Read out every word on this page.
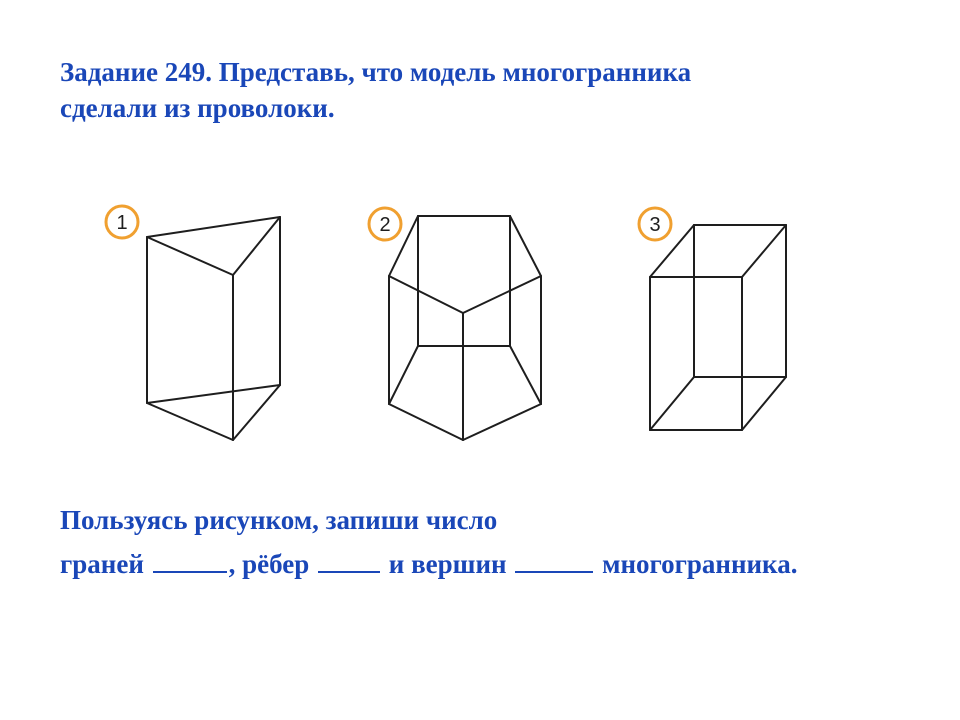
Задание 249. Представь, что модель многогранника
сделали из проволоки.
1	2	3
Пользуясь рисунком, запиши число
граней	, рёбер	и вершин	многогранника.
